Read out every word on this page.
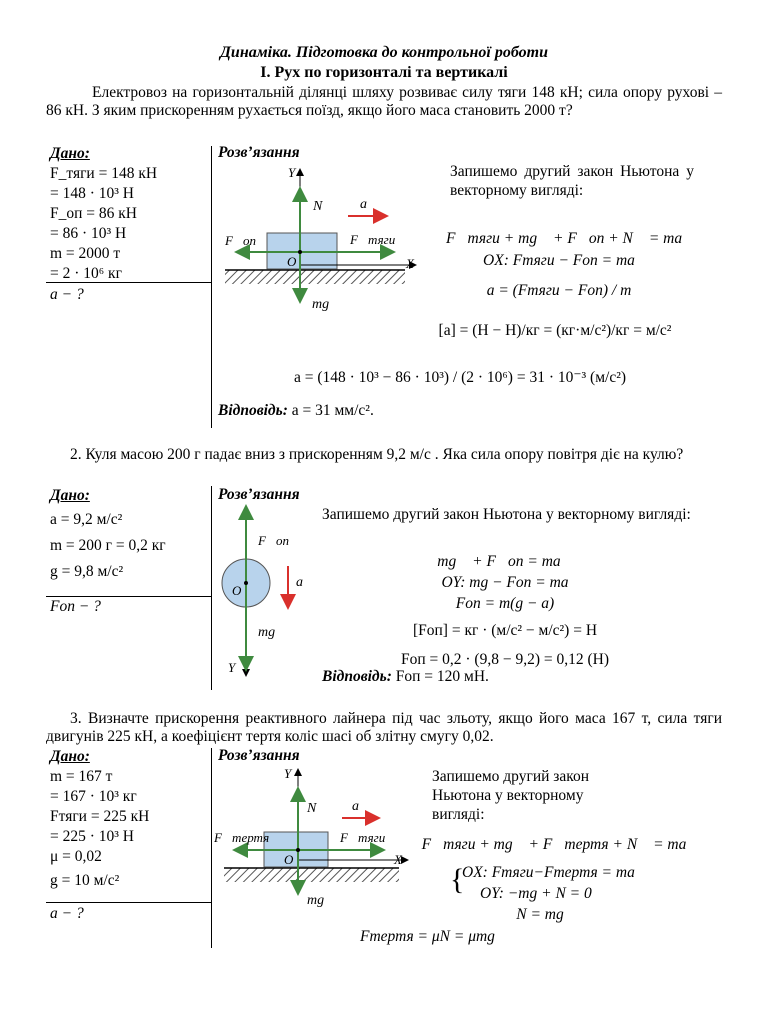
Динаміка. Підготовка до контрольної роботи
I. Рух по горизонталі та вертикалі
Електровоз на горизонтальній ділянці шляху розвиває силу тяги 148 кН; сила опору руховi – 86 кН. З яким прискоренням рухається поїзд, якщо його маса становить 2000 т?
Дано:
F_тяги = 148 кН
= 148 · 10³ Н
F_оп = 86 кН
= 86 · 10³ Н
m = 2000 т
= 2 · 10⁶ кг
a − ?
Розв’язання
Y
X
O
N⃗ a⃗
F⃗оп	F⃗тяги
mg⃗
Запишемо другий закон Ньютона у векторному вигляді:
F⃗тяги + mg⃗ + F⃗оп + N⃗ = ma⃗
OX: Fтяги − Fоп = ma
a = (Fтяги − Fоп) / m
[a] = (Н − Н)/кг = (кг·м/с²)/кг = м/с²
a = (148 · 10³ − 86 · 10³) / (2 · 10⁶) = 31 · 10⁻³ (м/с²)
Відповідь: a = 31 мм/с².
2. Куля масою 200 г падає вниз з прискоренням 9,2 м/с . Яка сила опору повітря діє на кулю?
Дано:
a = 9,2 м/с²
m = 200 г = 0,2 кг
g = 9,8 м/с²
Fоп − ?
Розв’язання
F⃗оп
a⃗
O
mg⃗
Y
Запишемо другий закон Ньютона у векторному вигляді:
mg⃗ + F⃗оп = ma⃗
OY: mg − Fоп = ma
Fоп = m(g − a)
[Fоп] = кг · (м/с² − м/с²) = Н
Fоп = 0,2 · (9,8 − 9,2) = 0,12 (Н)
Відповідь: Fоп = 120 мН.
3. Визначте прискорення реактивного лайнера під час зльоту, якщо його маса 167 т, сила тяги двигунів 225 кН, а коефіцієнт тертя коліс шасі об злітну смугу 0,02.
Дано:
m = 167 т
= 167 · 10³ кг
Fтяги = 225 кН
= 225 · 10³ Н
μ = 0,02
g = 10 м/с²
a − ?
Розв’язання
Y
X
O
N⃗ a⃗
F⃗тертя	F⃗тяги
mg⃗
Запишемо другий закон Ньютона у векторному вигляді:
F⃗тяги + mg⃗ + F⃗тертя + N⃗ = ma⃗
{
OX: Fтяги−Fтертя = ma
OY: −mg + N = 0
N = mg
Fтертя = μN = μmg
